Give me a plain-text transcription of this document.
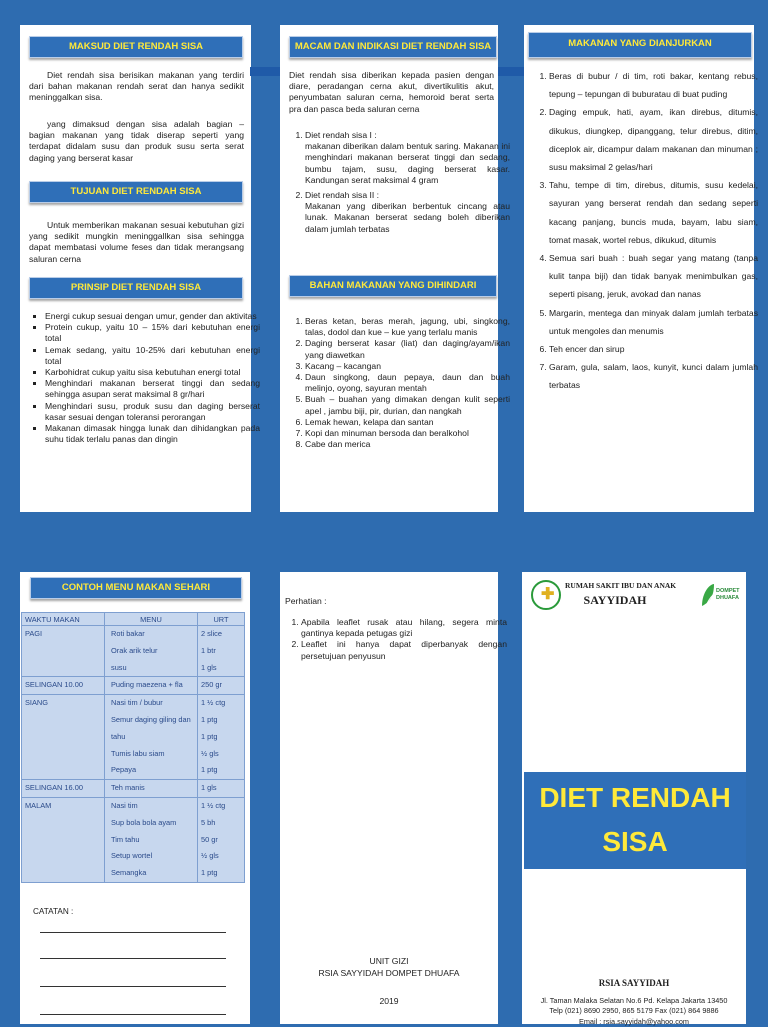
MAKSUD DIET RENDAH SISA
Diet rendah sisa berisikan makanan yang terdiri dari bahan makanan rendah serat dan hanya sedikit meninggalkan sisa.
yang dimaksud dengan sisa adalah bagian – bagian makanan yang tidak diserap seperti yang terdapat didalam susu dan produk susu serta serat daging yang berserat kasar
TUJUAN DIET RENDAH SISA
Untuk memberikan makanan sesuai kebutuhan gizi yang sedikit mungkin meninggallkan sisa sehingga dapat membatasi volume feses dan tidak merangsang saluran cerna
PRINSIP DIET RENDAH SISA
▪ Energi cukup sesuai dengan umur, gender dan aktivitas
▪ Protein cukup, yaitu 10 – 15% dari kebutuhan energi total
▪ Lemak sedang, yaitu 10-25% dari kebutuhan energi total
▪ Karbohidrat cukup yaitu sisa kebutuhan energi total
▪ Menghindari makanan berserat tinggi dan sedang sehingga asupan serat maksimal 8 gr/hari
▪ Menghindari susu, produk susu dan daging berserat kasar sesuai dengan toleransi perorangan
▪ Makanan dimasak hingga lunak dan dihidangkan pada suhu tidak terlalu panas dan dingin
MACAM DAN INDIKASI DIET RENDAH SISA
Diet rendah sisa diberikan kepada pasien dengan diare, peradangan cerna akut, divertikulitis akut, penyumbatan saluran cerna, hemoroid berat serta pra dan pasca beda saluran cerna
1. Diet rendah sisa I :
makanan diberikan dalam bentuk saring. Makanan ini menghindari makanan berserat tinggi dan sedang, bumbu tajam, susu, daging berserat kasar. Kandungan serat maksimal 4 gram
2. Diet rendah sisa II :
Makanan yang diberikan berbentuk cincang atau lunak. Makanan berserat sedang boleh diberikan dalam jumlah terbatas
BAHAN MAKANAN YANG DIHINDARI
1. Beras ketan, beras merah, jagung, ubi, singkong, talas, dodol dan kue – kue yang terlalu manis
2. Daging berserat kasar (liat) dan daging/ayam/ikan yang diawetkan
3. Kacang – kacangan
4. Daun singkong, daun pepaya, daun dan buah melinjo, oyong, sayuran mentah
5. Buah – buahan yang dimakan dengan kulit seperti apel , jambu biji, pir, durian, dan nangkah
6. Lemak hewan, kelapa dan santan
7. Kopi dan minuman bersoda dan beralkohol
8. Cabe dan merica
MAKANAN YANG DIANJURKAN
1. Beras di bubur / di tim, roti bakar, kentang rebus, tepung – tepungan di buburatau di buat puding
2. Daging empuk, hati, ayam, ikan direbus, ditumis, dikukus, diungkep, dipanggang, telur direbus, ditim, diceplok air, dicampur dalam makanan dan minuman ; susu maksimal 2 gelas/hari
3. Tahu, tempe di tim, direbus, ditumis, susu kedelai, sayuran yang berserat rendah dan sedang seperti kacang panjang, buncis muda, bayam, labu siam, tomat masak, wortel rebus, dikukud, ditumis
4. Semua sari buah : buah segar yang matang (tanpa kulit tanpa biji) dan tidak banyak menimbulkan gas, seperti pisang, jeruk, avokad dan nanas
5. Margarin, mentega dan minyak dalam jumlah terbatas untuk mengoles dan menumis
6. Teh encer dan sirup
7. Garam, gula, salam, laos, kunyit, kunci dalam jumlah terbatas
CONTOH MENU MAKAN SEHARI
WAKTU MAKAN	MENU	URT
PAGI	Roti bakar	2 slice
	Orak arik telur	1 btr
	susu	1 gls
SELINGAN 10.00	Puding maezena + fla	250 gr
SIANG	Nasi tim / bubur	1 ½ ctg
	Semur daging giling dan	1 ptg
	tahu	1 ptg
	Tumis labu siam	½ gls
	Pepaya	1 ptg
SELINGAN 16.00	Teh manis	1 gls
MALAM	Nasi tim	1 ½ ctg
	Sup bola bola ayam	5 bh
	Tim tahu	50 gr
	Setup wortel	½ gls
	Semangka	1 ptg
CATATAN :
Perhatian :
1. Apabila leaflet rusak atau hilang, segera minta gantinya kepada petugas gizi
2. Leaflet ini hanya dapat diperbanyak dengan persetujuan penyusun
UNIT GIZI
RSIA SAYYIDAH DOMPET DHUAFA
2019
✚
RUMAH SAKIT IBU DAN ANAK
SAYYIDAH
DOMPET
DHUAFA
DIET RENDAH
SISA
RSIA SAYYIDAH
Jl. Taman Malaka Selatan No.6 Pd. Kelapa Jakarta 13450
Telp (021) 8690 2950, 865 5179 Fax (021) 864 9886
Email : rsia.sayyidah@yahoo.com
